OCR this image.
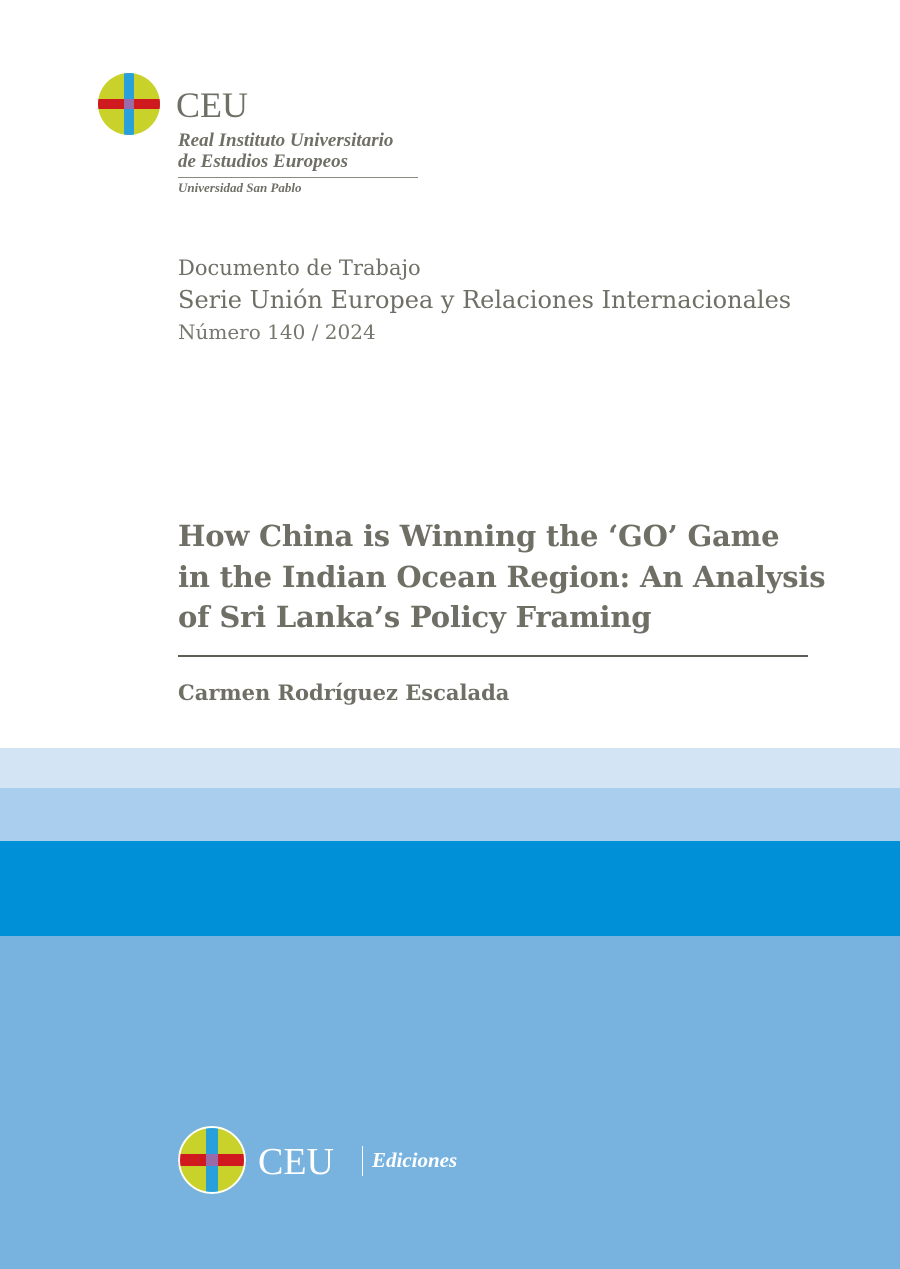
CEU
Real Instituto Universitario
de Estudios Europeos
Universidad San Pablo
Documento de Trabajo
Serie Unión Europea y Relaciones Internacionales
Número 140 / 2024
How China is Winning the ‘GO’ Game
in the Indian Ocean Region: An Analysis
of Sri Lanka’s Policy Framing
Carmen Rodríguez Escalada
CEU Ediciones
